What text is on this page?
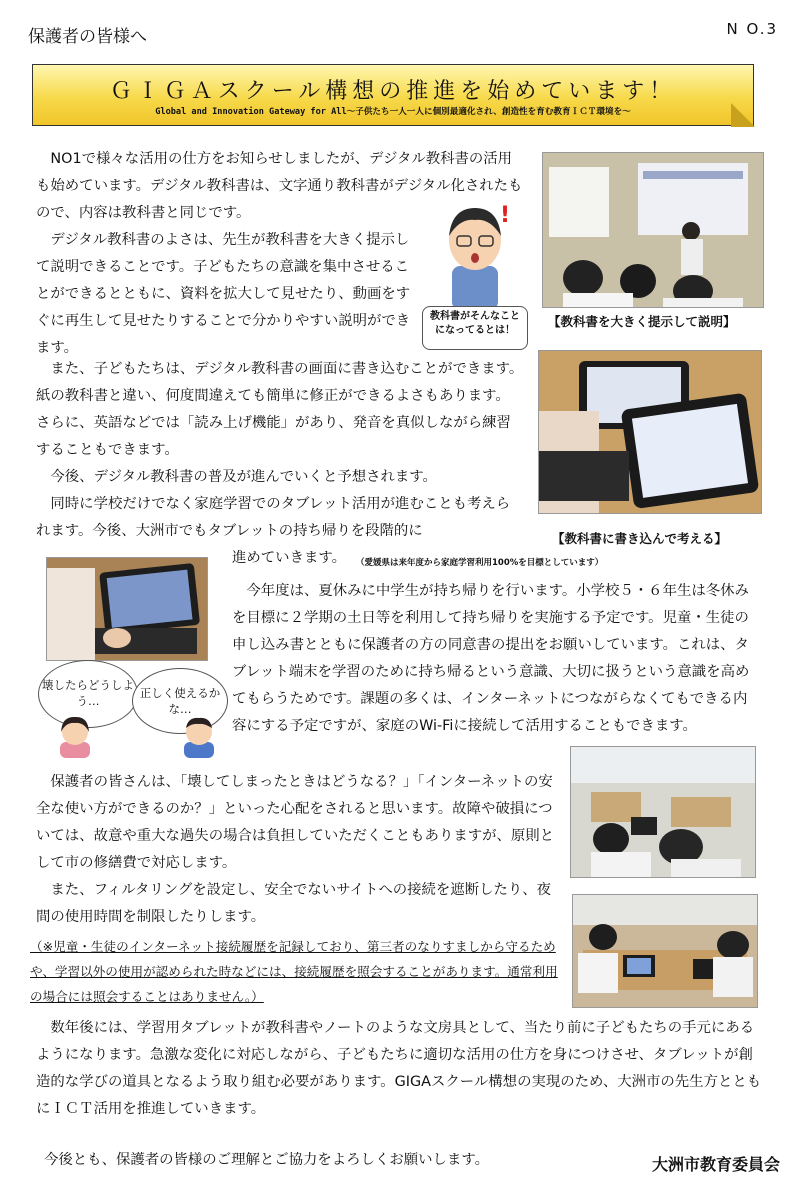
保護者の皆様へ	N O.3
ＧＩＧＡスクール構想の推進を始めています！
Global and Innovation Gateway for All～子供たち一人一人に個別最適化され、創造性を育む教育ＩＣＴ環境を～
【教科書を大きく提示して説明】
【教科書に書き込んで考える】
!
教科書がそんなことになってるとは！
壊したらどうしよう…
正しく使えるかな…

　NO1で様々な活用の仕方をお知らせしましたが、デジタル教科書の活用も始めています。デジタル教科書は、文字通り教科書がデジタル化されたもので、内容は教科書と同じです。

　デジタル教科書のよさは、先生が教科書を大きく提示して説明できることです。子どもたちの意識を集中させることができるとともに、資料を拡大して見せたり、動画をすぐに再生して見せたりすることで分かりやすい説明ができます。

　また、子どもたちは、デジタル教科書の画面に書き込むことができます。紙の教科書と違い、何度間違えても簡単に修正ができるよさもあります。さらに、英語などでは「読み上げ機能」があり、発音を真似しながら練習することもできます。

　今後、デジタル教科書の普及が進んでいくと予想されます。

　同時に学校だけでなく家庭学習でのタブレット活用が進むことも考えられます。今後、大洲市でもタブレットの持ち帰りを段階的に

進めていきます。	（愛媛県は来年度から家庭学習利用100%を目標としています）

　今年度は、夏休みに中学生が持ち帰りを行います。小学校５・６年生は冬休みを目標に２学期の土日等を利用して持ち帰りを実施する予定です。児童・生徒の申し込み書とともに保護者の方の同意書の提出をお願いしています。これは、タブレット端末を学習のために持ち帰るという意識、大切に扱うという意識を高めてもらうためです。課題の多くは、インターネットにつながらなくてもできる内容にする予定ですが、家庭のWi-Fiに接続して活用することもできます。

　保護者の皆さんは、「壊してしまったときはどうなる？」「インターネットの安全な使い方ができるのか？」といった心配をされると思います。故障や破損については、故意や重大な過失の場合は負担していただくこともありますが、原則として市の修繕費で対応します。

　また、フィルタリングを設定し、安全でないサイトへの接続を遮断したり、夜間の使用時間を制限したりします。

（※児童・生徒のインターネット接続履歴を記録しており、第三者のなりすましから守るためや、学習以外の使用が認められた時などには、接続履歴を照会することがあります。通常利用の場合には照会することはありません。）

　数年後には、学習用タブレットが教科書やノートのような文房具として、当たり前に子どもたちの手元にあるようになります。急激な変化に対応しながら、子どもたちに適切な活用の仕方を身につけさせ、タブレットが創造的な学びの道具となるよう取り組む必要があります。GIGAスクール構想の実現のため、大洲市の先生方とともにＩＣＴ活用を推進していきます。

今後とも、保護者の皆様のご理解とご協力をよろしくお願いします。	大洲市教育委員会
